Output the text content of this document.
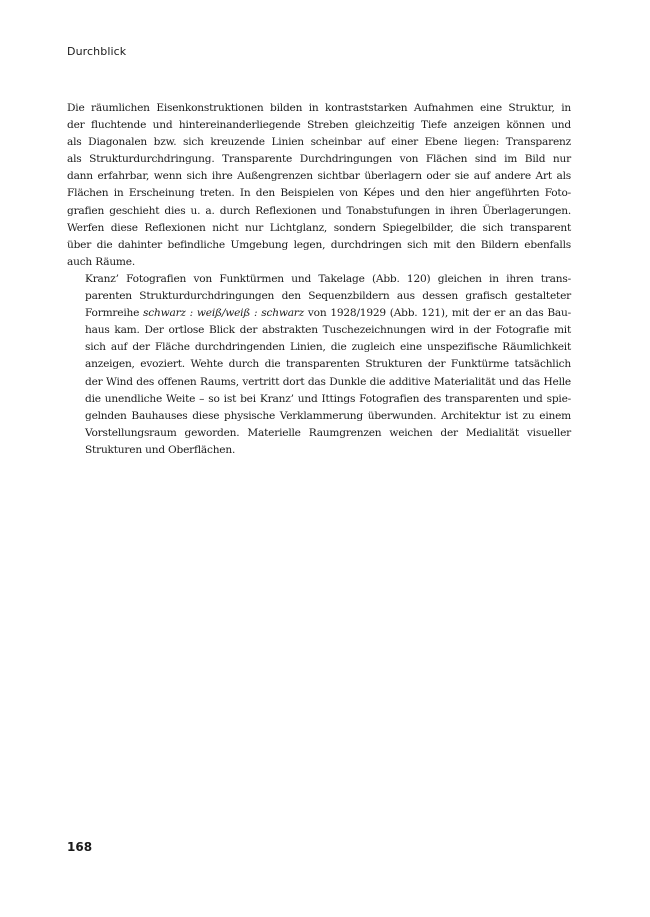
Durchblick

Die räumlichen Eisenkonstruktionen bilden in kontraststarken Aufnahmen eine Struktur, in
der fluchtende und hintereinanderliegende Streben gleichzeitig Tiefe anzeigen können und
als Diagonalen bzw. sich kreuzende Linien scheinbar auf einer Ebene liegen: Transparenz
als Strukturdurchdringung. Transparente Durchdringungen von Flächen sind im Bild nur
dann erfahrbar, wenn sich ihre Außengrenzen sichtbar überlagern oder sie auf andere Art als
Flächen in Erscheinung treten. In den Beispielen von Képes und den hier angeführten Foto-
grafien geschieht dies u. a. durch Reflexionen und Tonabstufungen in ihren Überlagerungen.
Werfen diese Reflexionen nicht nur Lichtglanz, sondern Spiegelbilder, die sich transparent
über die dahinter befindliche Umgebung legen, durchdringen sich mit den Bildern ebenfalls
auch Räume.

Kranz’ Fotografien von Funktürmen und Takelage (Abb. 120) gleichen in ihren trans-
parenten Strukturdurchdringungen den Sequenzbildern aus dessen grafisch gestalteter
Formreihe schwarz : weiß/weiß : schwarz von 1928/1929 (Abb. 121), mit der er an das Bau-
haus kam. Der ortlose Blick der abstrakten Tuschezeichnungen wird in der Fotografie mit
sich auf der Fläche durchdringenden Linien, die zugleich eine unspezifische Räumlichkeit
anzeigen, evoziert. Wehte durch die transparenten Strukturen der Funktürme tatsächlich
der Wind des offenen Raums, vertritt dort das Dunkle die additive Materialität und das Helle
die unendliche Weite – so ist bei Kranz’ und Ittings Fotografien des transparenten und spie-
gelnden Bauhauses diese physische Verklammerung überwunden. Architektur ist zu einem
Vorstellungsraum geworden. Materielle Raumgrenzen weichen der Medialität visueller
Strukturen und Oberflächen.

168
